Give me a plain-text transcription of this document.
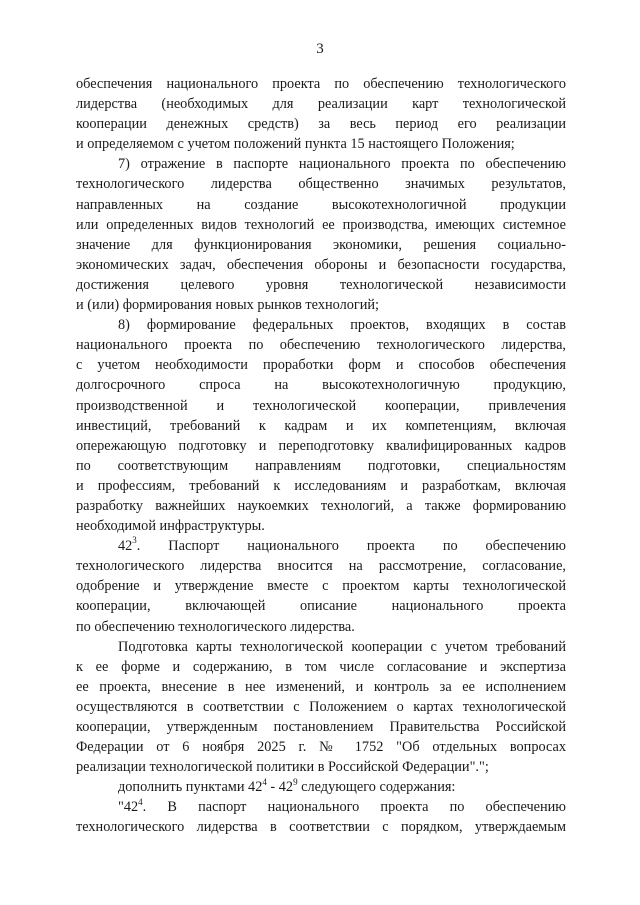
3
обеспечения национального проекта по обеспечению технологического
лидерства (необходимых для реализации карт технологической
кооперации денежных средств) за весь период его реализации
и определяемом с учетом положений пункта 15 настоящего Положения;
7) отражение в паспорте национального проекта по обеспечению
технологического лидерства общественно значимых результатов,
направленных на создание высокотехнологичной продукции
или определенных видов технологий ее производства, имеющих системное
значение для функционирования экономики, решения социально-
экономических задач, обеспечения обороны и безопасности государства,
достижения целевого уровня технологической независимости
и (или) формирования новых рынков технологий;
8) формирование федеральных проектов, входящих в состав
национального проекта по обеспечению технологического лидерства,
с учетом необходимости проработки форм и способов обеспечения
долгосрочного спроса на высокотехнологичную продукцию,
производственной и технологической кооперации, привлечения
инвестиций, требований к кадрам и их компетенциям, включая
опережающую подготовку и переподготовку квалифицированных кадров
по соответствующим направлениям подготовки, специальностям
и профессиям, требований к исследованиям и разработкам, включая
разработку важнейших наукоемких технологий, а также формированию
необходимой инфраструктуры.
$42^3$. Паспорт национального проекта по обеспечению
технологического лидерства вносится на рассмотрение, согласование,
одобрение и утверждение вместе с проектом карты технологической
кооперации, включающей описание национального проекта
по обеспечению технологического лидерства.
Подготовка карты технологической кооперации с учетом требований
к ее форме и содержанию, в том числе согласование и экспертиза
ее проекта, внесение в нее изменений, и контроль за ее исполнением
осуществляются в соответствии с Положением о картах технологической
кооперации, утвержденным постановлением Правительства Российской
Федерации от 6 ноября 2025 г. № 1752 "Об отдельных вопросах
реализации технологической политики в Российской Федерации".";
дополнить пунктами $42^4 - 42^9$ следующего содержания:
"$42^4$. В паспорт национального проекта по обеспечению
технологического лидерства в соответствии с порядком, утверждаемым
